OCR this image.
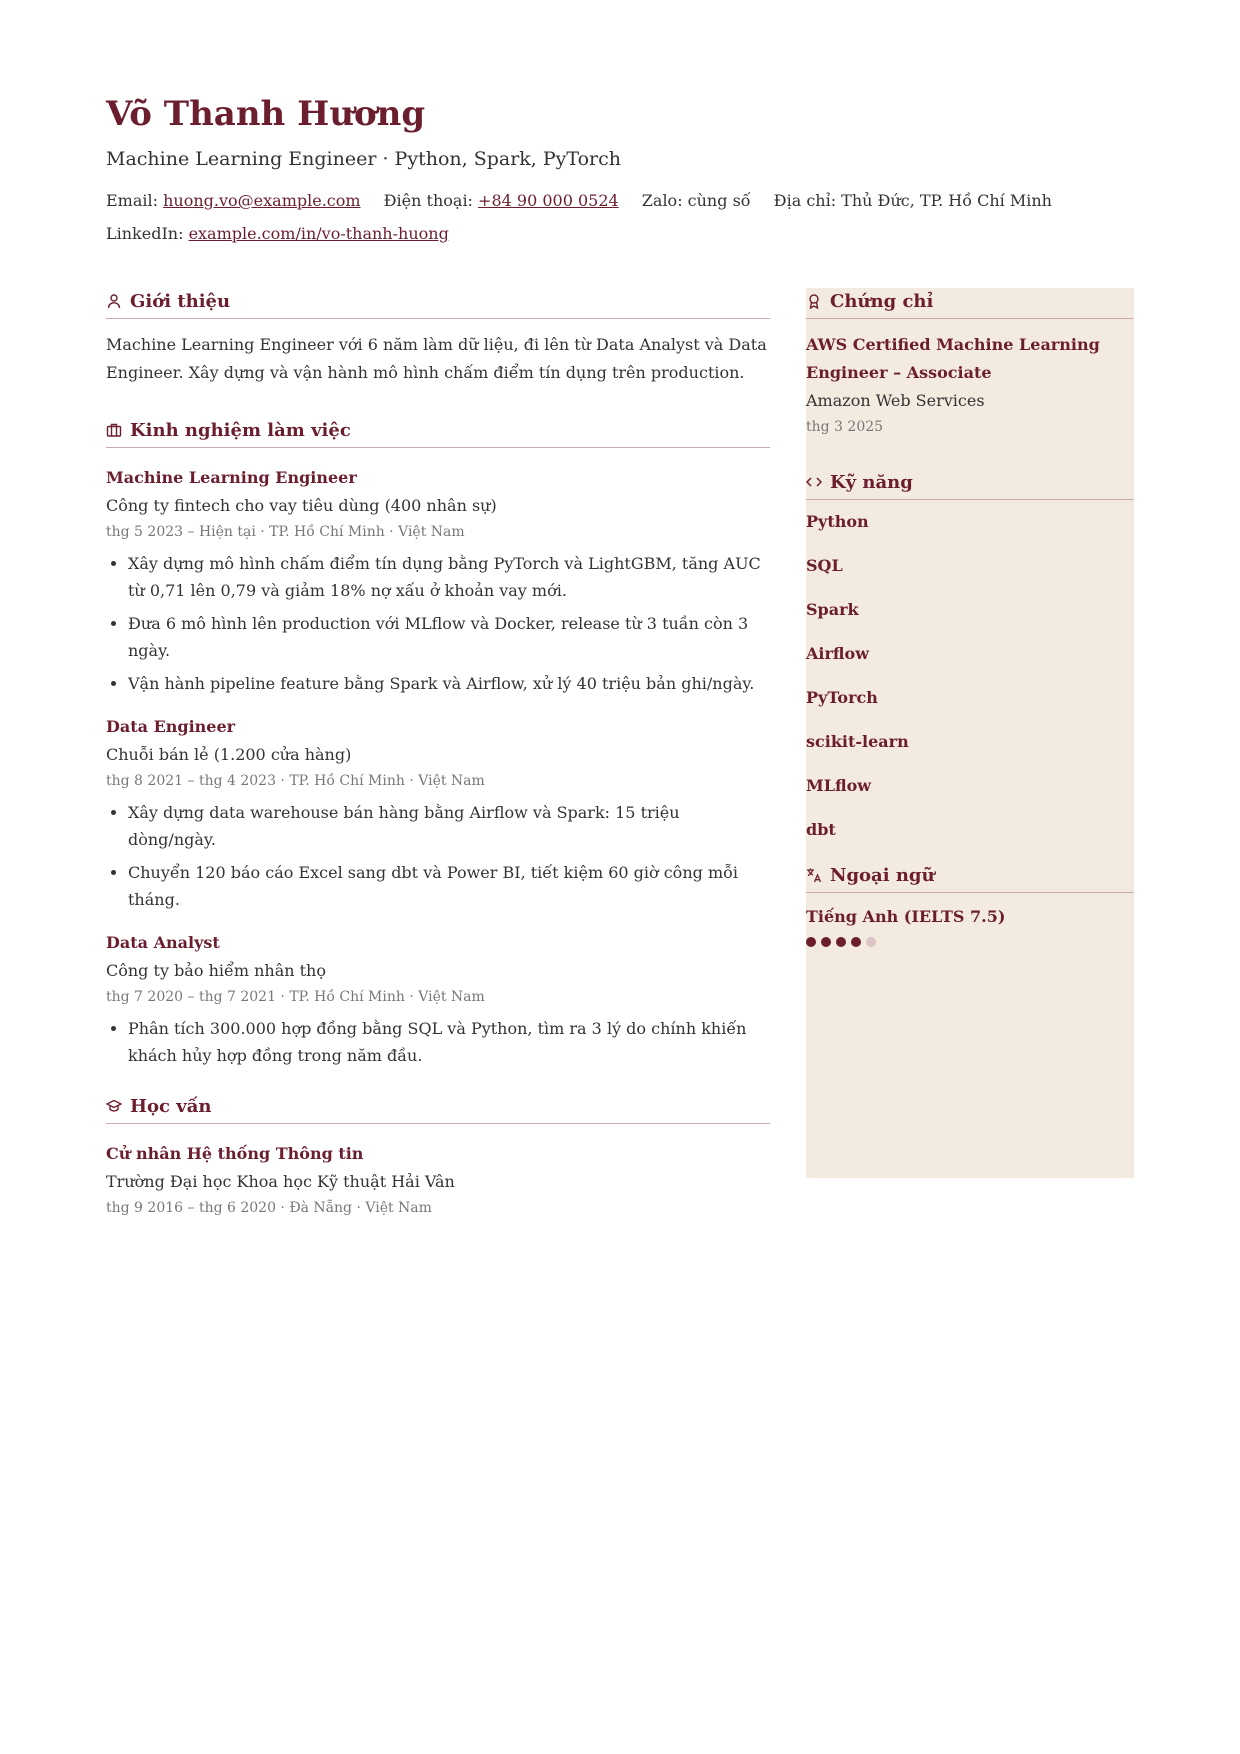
Võ Thanh Hương
Machine Learning Engineer · Python, Spark, PyTorch
Email: huong.vo@example.com Điện thoại: +84 90 000 0524 Zalo: cùng số Địa chỉ: Thủ Đức, TP. Hồ Chí Minh
LinkedIn: example.com/in/vo-thanh-huong
Giới thiệu
Machine Learning Engineer với 6 năm làm dữ liệu, đi lên từ Data Analyst và Data Engineer. Xây dựng và vận hành mô hình chấm điểm tín dụng trên production.
Kinh nghiệm làm việc
Machine Learning Engineer
Công ty fintech cho vay tiêu dùng (400 nhân sự)
thg 5 2023 – Hiện tại · TP. Hồ Chí Minh · Việt Nam
• Xây dựng mô hình chấm điểm tín dụng bằng PyTorch và LightGBM, tăng AUC từ 0,71 lên 0,79 và giảm 18% nợ xấu ở khoản vay mới.
• Đưa 6 mô hình lên production với MLflow và Docker, release từ 3 tuần còn 3 ngày.
• Vận hành pipeline feature bằng Spark và Airflow, xử lý 40 triệu bản ghi/ngày.
Data Engineer
Chuỗi bán lẻ (1.200 cửa hàng)
thg 8 2021 – thg 4 2023 · TP. Hồ Chí Minh · Việt Nam
• Xây dựng data warehouse bán hàng bằng Airflow và Spark: 15 triệu dòng/ngày.
• Chuyển 120 báo cáo Excel sang dbt và Power BI, tiết kiệm 60 giờ công mỗi tháng.
Data Analyst
Công ty bảo hiểm nhân thọ
thg 7 2020 – thg 7 2021 · TP. Hồ Chí Minh · Việt Nam
• Phân tích 300.000 hợp đồng bằng SQL và Python, tìm ra 3 lý do chính khiến khách hủy hợp đồng trong năm đầu.
Học vấn
Cử nhân Hệ thống Thông tin
Trường Đại học Khoa học Kỹ thuật Hải Vân
thg 9 2016 – thg 6 2020 · Đà Nẵng · Việt Nam
Chứng chỉ
AWS Certified Machine Learning Engineer – Associate
Amazon Web Services
thg 3 2025
Kỹ năng
Python
SQL
Spark
Airflow
PyTorch
scikit-learn
MLflow
dbt
Ngoại ngữ
Tiếng Anh (IELTS 7.5)
